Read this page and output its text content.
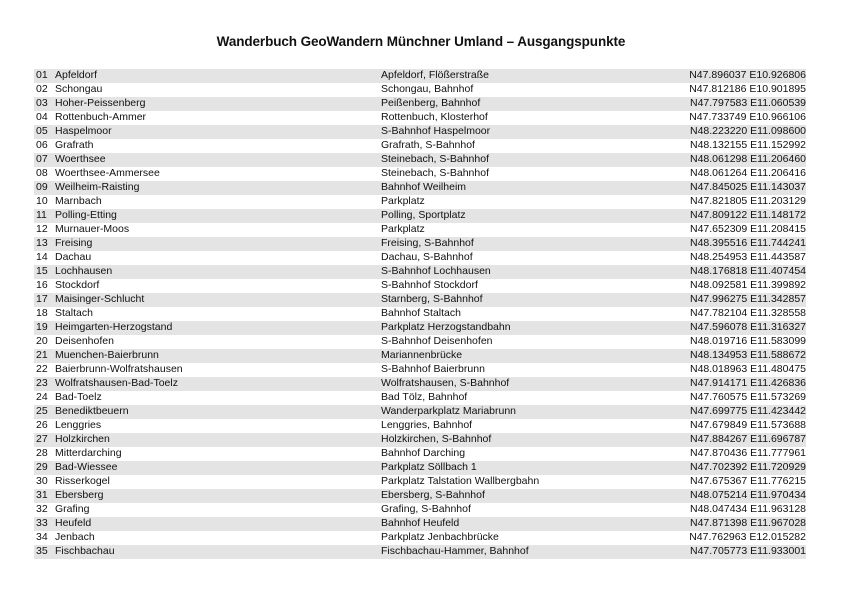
Wanderbuch GeoWandern Münchner Umland – Ausgangspunkte
01 Apfeldorf	Apfeldorf, Flößerstraße	N47.896037 E10.926806
02 Schongau	Schongau, Bahnhof	N47.812186 E10.901895
03 Hoher-Peissenberg	Peißenberg, Bahnhof	N47.797583 E11.060539
04 Rottenbuch-Ammer	Rottenbuch, Klosterhof	N47.733749 E10.966106
05 Haspelmoor	S-Bahnhof Haspelmoor	N48.223220 E11.098600
06 Grafrath	Grafrath, S-Bahnhof	N48.132155 E11.152992
07 Woerthsee	Steinebach, S-Bahnhof	N48.061298 E11.206460
08 Woerthsee-Ammersee	Steinebach, S-Bahnhof	N48.061264 E11.206416
09 Weilheim-Raisting	Bahnhof Weilheim	N47.845025 E11.143037
10 Marnbach	Parkplatz	N47.821805 E11.203129
11 Polling-Etting	Polling, Sportplatz	N47.809122 E11.148172
12 Murnauer-Moos	Parkplatz	N47.652309 E11.208415
13 Freising	Freising, S-Bahnhof	N48.395516 E11.744241
14 Dachau	Dachau, S-Bahnhof	N48.254953 E11.443587
15 Lochhausen	S-Bahnhof Lochhausen	N48.176818 E11.407454
16 Stockdorf	S-Bahnhof Stockdorf	N48.092581 E11.399892
17 Maisinger-Schlucht	Starnberg, S-Bahnhof	N47.996275 E11.342857
18 Staltach	Bahnhof Staltach	N47.782104 E11.328558
19 Heimgarten-Herzogstand	Parkplatz Herzogstandbahn	N47.596078 E11.316327
20 Deisenhofen	S-Bahnhof Deisenhofen	N48.019716 E11.583099
21 Muenchen-Baierbrunn	Mariannenbrücke	N48.134953 E11.588672
22 Baierbrunn-Wolfratshausen	S-Bahnhof Baierbrunn	N48.018963 E11.480475
23 Wolfratshausen-Bad-Toelz	Wolfratshausen, S-Bahnhof	N47.914171 E11.426836
24 Bad-Toelz	Bad Tölz, Bahnhof	N47.760575 E11.573269
25 Benediktbeuern	Wanderparkplatz Mariabrunn	N47.699775 E11.423442
26 Lenggries	Lenggries, Bahnhof	N47.679849 E11.573688
27 Holzkirchen	Holzkirchen, S-Bahnhof	N47.884267 E11.696787
28 Mitterdarching	Bahnhof Darching	N47.870436 E11.777961
29 Bad-Wiessee	Parkplatz Söllbach 1	N47.702392 E11.720929
30 Risserkogel	Parkplatz Talstation Wallbergbahn	N47.675367 E11.776215
31 Ebersberg	Ebersberg, S-Bahnhof	N48.075214 E11.970434
32 Grafing	Grafing, S-Bahnhof	N48.047434 E11.963128
33 Heufeld	Bahnhof Heufeld	N47.871398 E11.967028
34 Jenbach	Parkplatz Jenbachbrücke	N47.762963 E12.015282
35 Fischbachau	Fischbachau-Hammer, Bahnhof	N47.705773 E11.933001
